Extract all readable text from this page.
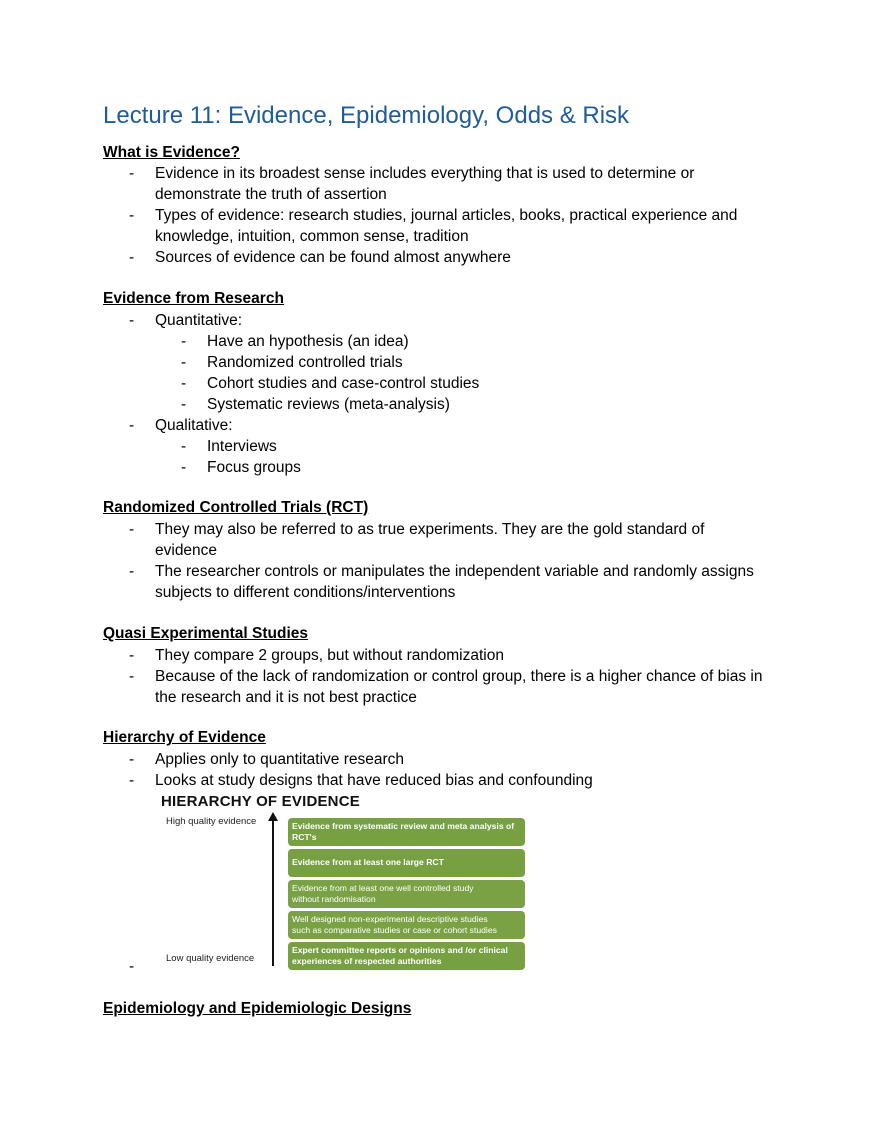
Lecture 11: Evidence, Epidemiology, Odds & Risk
What is Evidence?
- Evidence in its broadest sense includes everything that is used to determine or
demonstrate the truth of assertion
- Types of evidence: research studies, journal articles, books, practical experience and
knowledge, intuition, common sense, tradition
- Sources of evidence can be found almost anywhere
Evidence from Research
- Quantitative:
- Have an hypothesis (an idea)
- Randomized controlled trials
- Cohort studies and case-control studies
- Systematic reviews (meta-analysis)
- Qualitative:
- Interviews
- Focus groups
Randomized Controlled Trials (RCT)
- They may also be referred to as true experiments. They are the gold standard of
evidence
- The researcher controls or manipulates the independent variable and randomly assigns
subjects to different conditions/interventions
Quasi Experimental Studies
- They compare 2 groups, but without randomization
- Because of the lack of randomization or control group, there is a higher chance of bias in
the research and it is not best practice
Hierarchy of Evidence
- Applies only to quantitative research
- Looks at study designs that have reduced bias and confounding
HIERARCHY OF EVIDENCE
High quality evidence
Low quality evidence
Evidence from systematic review and meta analysis of
RCT's
Evidence from at least one large RCT
Evidence from at least one well controlled study
without randomisation
Well designed non-experimental descriptive studies
such as comparative studies or case or cohort studies
Expert committee reports or opinions and /or clinical
experiences of respected authorities
-
Epidemiology and Epidemiologic Designs
